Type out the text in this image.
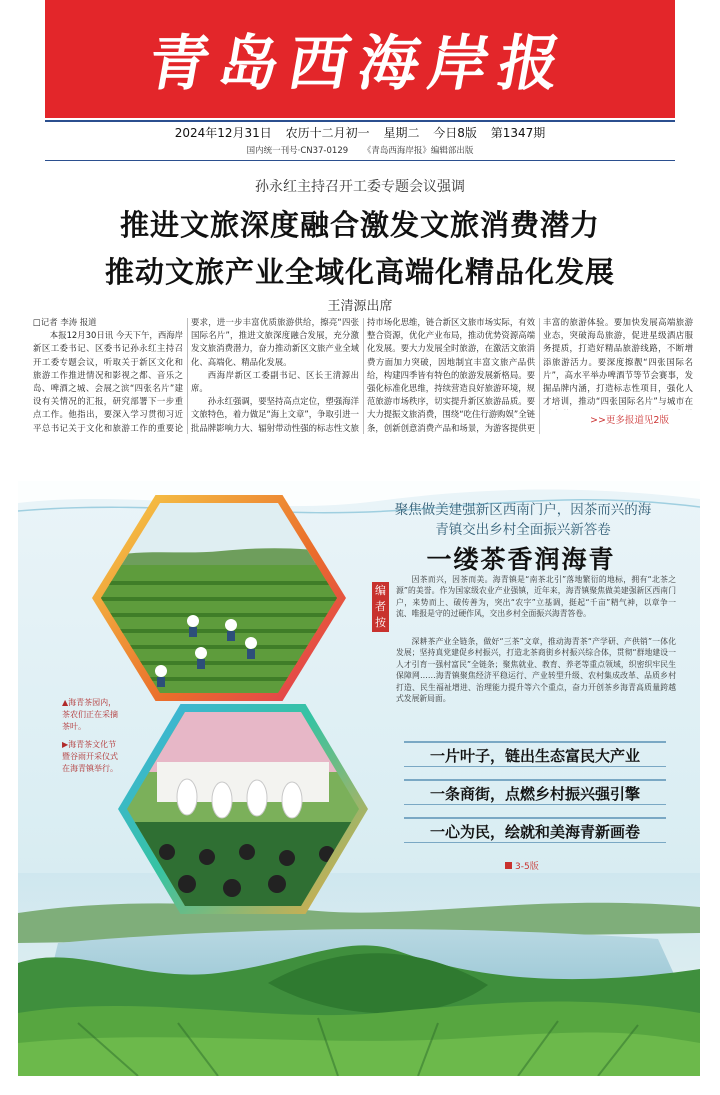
青岛西海岸报
2024年12月31日 农历十二月初一 星期二 今日8版 第1347期
国内统一刊号·CN37-0129 《青岛西海岸报》编辑部出版
孙永红主持召开工委专题会议强调
推进文旅深度融合激发文旅消费潜力
推动文旅产业全域化高端化精品化发展
王清源出席

□记者 李涛 报道

本报12月30日讯 今天下午，西海岸新区工委书记、区委书记孙永红主持召开工委专题会议，听取关于新区文化和旅游工作推进情况和影视之都、音乐之岛、啤酒之城、会展之滨“四张名片”建设有关情况的汇报，研究部署下一步重点工作。他指出，要深入学习贯彻习近平总书记关于文化和旅游工作的重要论

要求，进一步丰富优质旅游供给，擦亮“四张国际名片”，推进文旅深度融合发展，充分激发文旅消费潜力，奋力推动新区文旅产业全域化、高端化、精品化发展。

西海岸新区工委副书记、区长王清源出席。

孙永红强调，要坚持高点定位，塑强海洋文旅特色，着力做足“海上文章”，争取引进一批品牌影响力大、辐射带动性强的标志性文旅

持市场化思维，链合新区文旅市场实际，有效整合资源，优化产业布局，推动优势资源高端化发展。要大力发展全时旅游，在激活文旅消费方面加力突破，因地制宜丰富文旅产品供给，构建四季皆有特色的旅游发展新格局。要强化标准化思维，持续营造良好旅游环境，规范旅游市场秩序，切实提升新区旅游品质。要大力提振文旅消费，围绕“吃住行游购娱”全链条，创新创意消费产品和场景，为游客提供更

丰富的旅游体验。要加快发展高端旅游业态，突破海岛旅游，促进星级酒店服务提质，打造好精品旅游线路，不断增添旅游活力。要深度擦靓“四张国际名片”，高水平举办啤酒节等节会赛事，发掘品牌内涵，打造标志性项目，强化人才培训，推动“四张国际名片”与城市在

>>更多报道见2版
▲海青茶园内，茶农们正在采摘茶叶。
▶海青茶文化节暨谷雨开采仪式在海青镇举行。
聚焦做美建强新区西南门户，因茶而兴的海青镇交出乡村全面振兴新答卷
一缕茶香润海青
编者按

因茶而兴，因茶而美。海青镇是“南茶北引”落地繁衍的地标，拥有“北茶之源”的美誉。作为国家级农业产业强镇，近年来，海青镇聚焦做美建强新区西南门户，来势而上、破传善为，突出“农字”立基调，挺起“千亩”精气神，以章争一流、唯报是守的过硬作风，交出乡村全面振兴海青答卷。

深耕茶产业全链条，做好“三茶”文章，推动海青茶“产学研、产供销”一体化发展；坚持真党建促乡村振兴，打造北茶商街乡村振兴综合体，贯彻“群地建设一人才引育一强村富民”全链条；聚焦就业、教育、养老等重点领域，织密织牢民生保障网……海青镇聚焦经济平稳运行、产业转型升级、农村集成改革、品质乡村打造、民生福祉增进、治理能力提升等六个重点，奋力开创茶乡海青高质量跨越式发展新局面。

一片叶子，链出生态富民大产业
一条商街，点燃乡村振兴强引擎
一心为民，绘就和美海青新画卷
3-5版
